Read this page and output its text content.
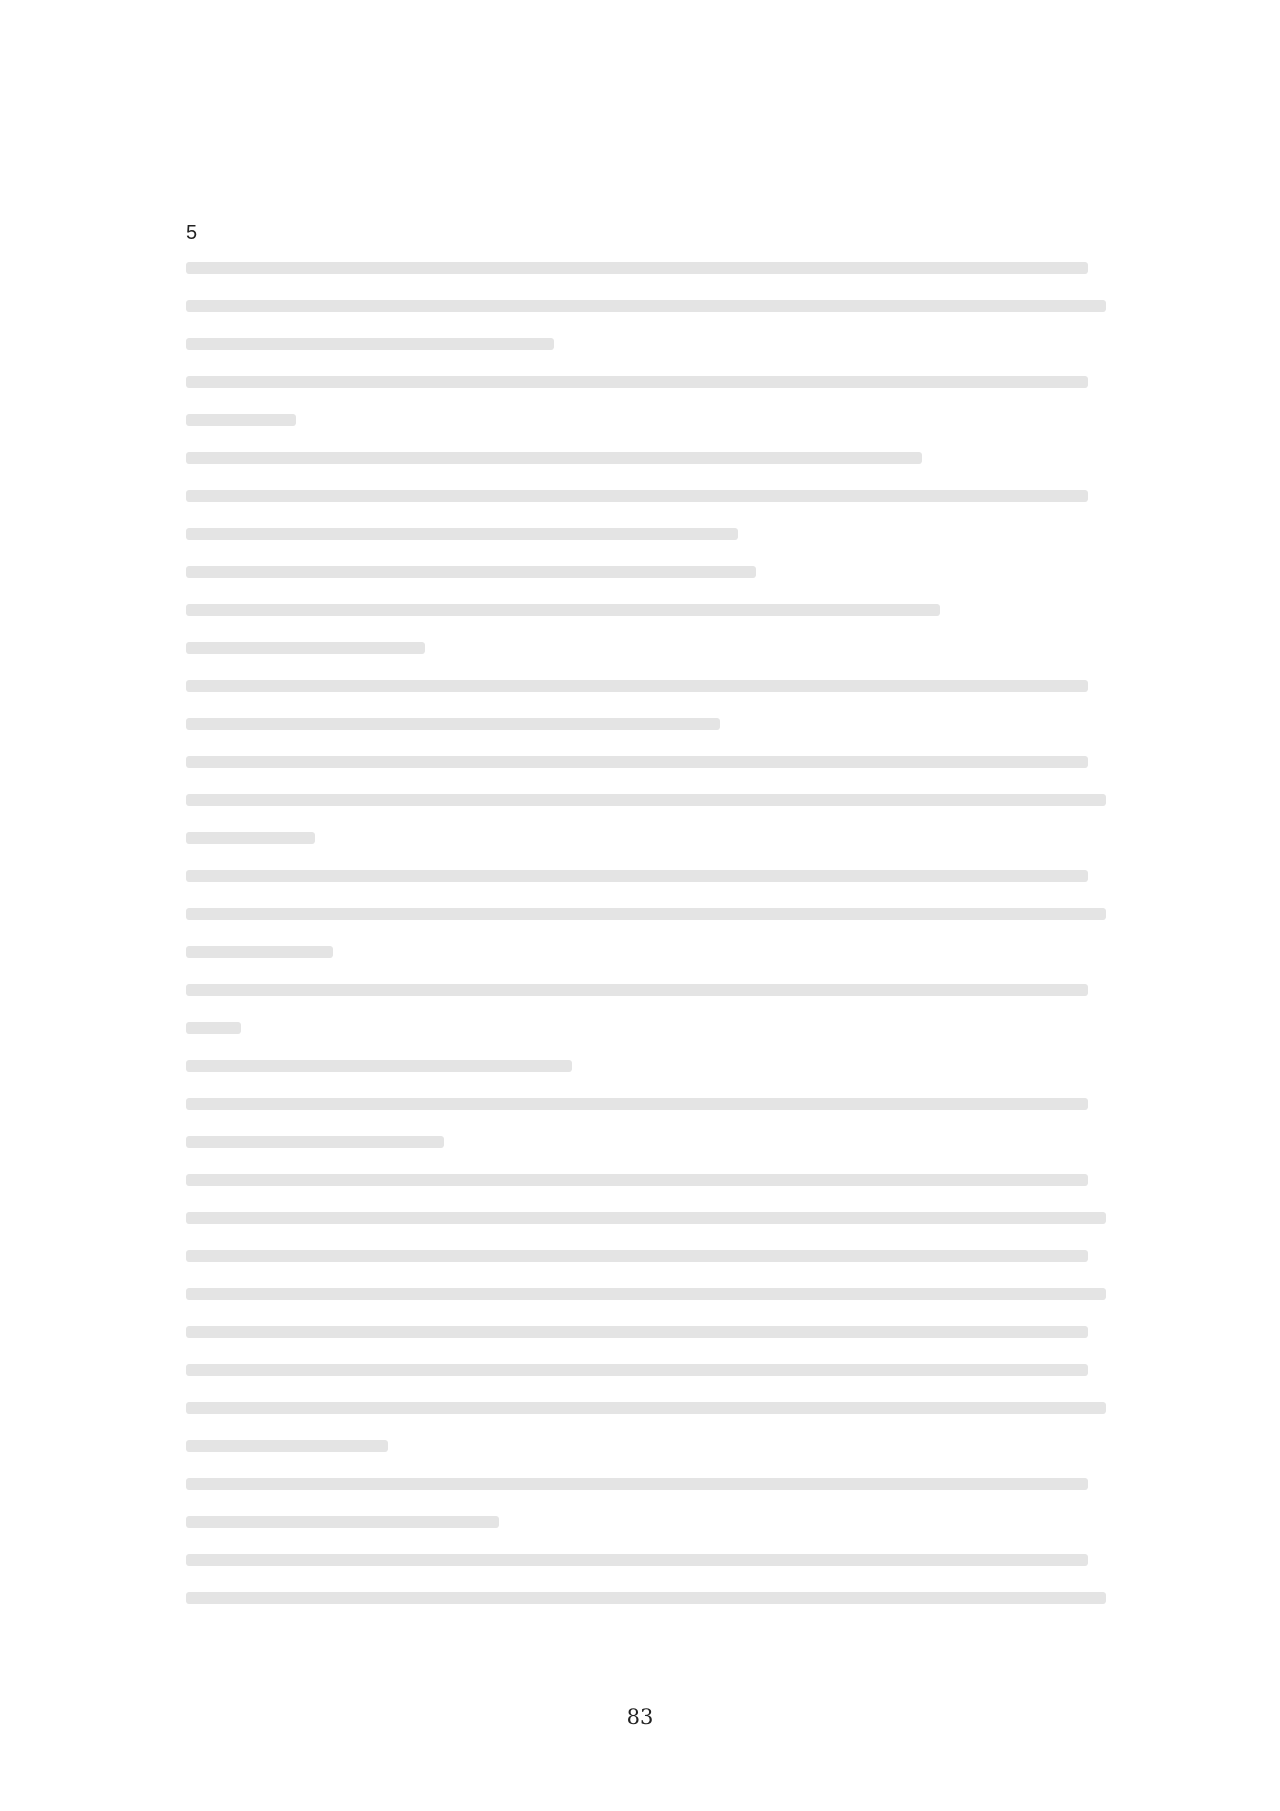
5
83
